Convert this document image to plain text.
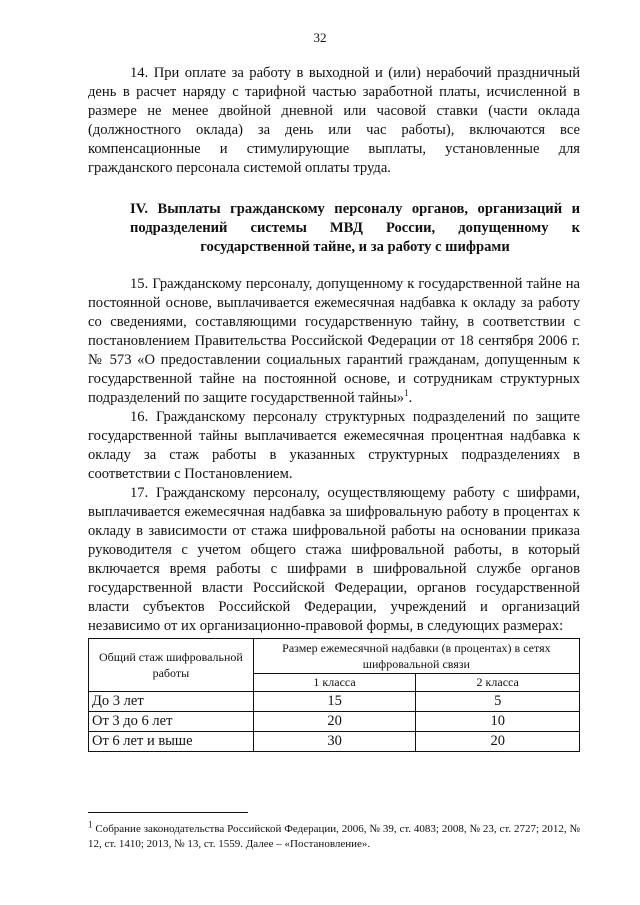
32

14. При оплате за работу в выходной и (или) нерабочий праздничный день в расчет наряду с тарифной частью заработной платы, исчисленной в размере не менее двойной дневной или часовой ставки (части оклада (должностного оклада) за день или час работы), включаются все компенсационные и стимулирующие выплаты, установленные для гражданского персонала системой оплаты труда.

IV. Выплаты гражданскому персоналу органов, организаций и подразделений системы МВД России, допущенному к государственной тайне, и за работу с шифрами

15. Гражданскому персоналу, допущенному к государственной тайне на постоянной основе, выплачивается ежемесячная надбавка к окладу за работу со сведениями, составляющими государственную тайну, в соответствии с постановлением Правительства Российской Федерации от 18 сентября 2006 г. № 573 «О предоставлении социальных гарантий гражданам, допущенным к государственной тайне на постоянной основе, и сотрудникам структурных подразделений по защите государственной тайны»$^1$.

16. Гражданскому персоналу структурных подразделений по защите государственной тайны выплачивается ежемесячная процентная надбавка к окладу за стаж работы в указанных структурных подразделениях в соответствии с Постановлением.

17. Гражданскому персоналу, осуществляющему работу с шифрами, выплачивается ежемесячная надбавка за шифровальную работу в процентах к окладу в зависимости от стажа шифровальной работы на основании приказа руководителя с учетом общего стажа шифровальной работы, в который включается время работы с шифрами в шифровальной службе органов государственной власти Российской Федерации, органов государственной власти субъектов Российской Федерации, учреждений и организаций независимо от их организационно-правовой формы, в следующих размерах:

Общий стаж шифровальной работы	Размер ежемесячной надбавки (в процентах) в сетях шифровальной связи	
	1 класса	2 класса
До 3 лет	15	5
От 3 до 6 лет	20	10
От 6 лет и выше	30	20
$^1$ Собрание законодательства Российской Федерации, 2006, № 39, ст. 4083; 2008, № 23, ст. 2727; 2012, № 12, ст. 1410; 2013, № 13, ст. 1559. Далее – «Постановление».
